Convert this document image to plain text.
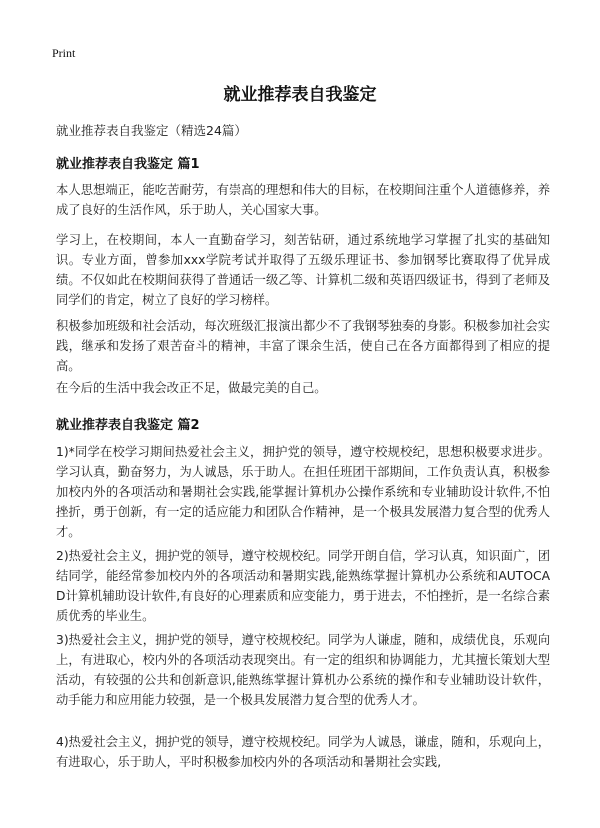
Print
就业推荐表自我鉴定
就业推荐表自我鉴定（精选24篇）
就业推荐表自我鉴定 篇1
本人思想端正，能吃苦耐劳，有崇高的理想和伟大的目标，在校期间注重个人道德修养，养成了良好的生活作风，乐于助人，关心国家大事。
学习上，在校期间，本人一直勤奋学习，刻苦钻研，通过系统地学习掌握了扎实的基础知识。专业方面，曾参加xxx学院考试并取得了五级乐理证书、参加钢琴比赛取得了优异成绩。不仅如此在校期间获得了普通话一级乙等、计算机二级和英语四级证书，得到了老师及同学们的肯定，树立了良好的学习榜样。
积极参加班级和社会活动，每次班级汇报演出都少不了我钢琴独奏的身影。积极参加社会实践，继承和发扬了艰苦奋斗的精神，丰富了课余生活，使自己在各方面都得到了相应的提高。
在今后的生活中我会改正不足，做最完美的自己。
就业推荐表自我鉴定 篇2
1)*同学在校学习期间热爱社会主义，拥护党的领导，遵守校规校纪，思想积极要求进步。学习认真，勤奋努力，为人诚恳，乐于助人。在担任班团干部期间，工作负责认真，积极参加校内外的各项活动和暑期社会实践,能掌握计算机办公操作系统和专业辅助设计软件,不怕挫折，勇于创新，有一定的适应能力和团队合作精神，是一个极具发展潜力复合型的优秀人才。
2)热爱社会主义，拥护党的领导，遵守校规校纪。同学开朗自信，学习认真，知识面广，团结同学，能经常参加校内外的各项活动和暑期实践,能熟练掌握计算机办公系统和AUTOCAD计算机辅助设计软件,有良好的心理素质和应变能力，勇于进去，不怕挫折，是一名综合素质优秀的毕业生。
3)热爱社会主义，拥护党的领导，遵守校规校纪。同学为人谦虚，随和，成绩优良，乐观向上，有进取心，校内外的各项活动表现突出。有一定的组织和协调能力，尤其擅长策划大型活动，有较强的公共和创新意识,能熟练掌握计算机办公系统的操作和专业辅助设计软件，动手能力和应用能力较强，是一个极具发展潜力复合型的优秀人才。
4)热爱社会主义，拥护党的领导，遵守校规校纪。同学为人诚恳，谦虚，随和，乐观向上，有进取心，乐于助人，平时积极参加校内外的各项活动和暑期社会实践,
